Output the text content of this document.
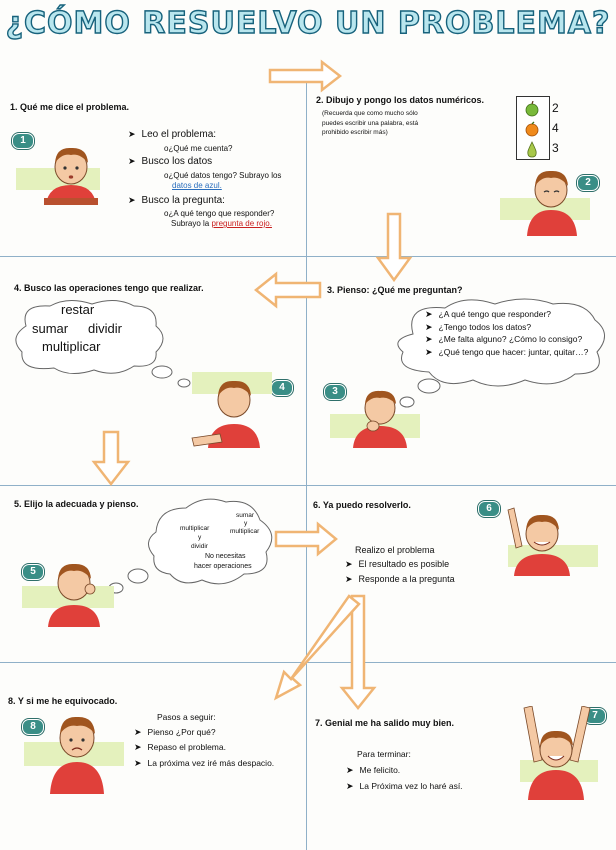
¿CÓMO RESUELVO UN PROBLEMA?
1. Qué me dice el problema.
1
➤ Leo el problema:
o¿Qué me cuenta?
➤ Busco los datos
o¿Qué datos tengo? Subrayo los
datos de azul.
➤ Busco la pregunta:
o¿A qué tengo que responder?
Subrayo la pregunta de rojo.
2. Dibujo y pongo los datos numéricos.
(Recuerda que como mucho sólo
puedes escribir una palabra, está
prohibido escribir más)
2
4
3
2
3. Pienso: ¿Qué me preguntan?
➤ ¿A qué tengo que responder?
➤ ¿Tengo todos los datos?
➤ ¿Me falta alguno? ¿Cómo lo consigo?
➤ ¿Qué tengo que hacer: juntar, quitar…?
3
4. Busco las operaciones tengo que realizar.
restar
sumar dividir
multiplicar
4
5. Elijo la adecuada y pienso.
sumar
y
multiplicar
multiplicar
y
dividir
No necesitas
hacer operaciones
5
6. Ya puedo resolverlo.	6
Realizo el problema
➤ El resultado es posible
➤ Responde a la pregunta
7. Genial me ha salido muy bien.
7
Para terminar:
➤ Me felicito.
➤ La Próxima vez lo haré así.
8. Y si me he equivocado.
8
Pasos a seguir:
➤ Pienso ¿Por qué?
➤ Repaso el problema.
➤ La próxima vez iré más despacio.
